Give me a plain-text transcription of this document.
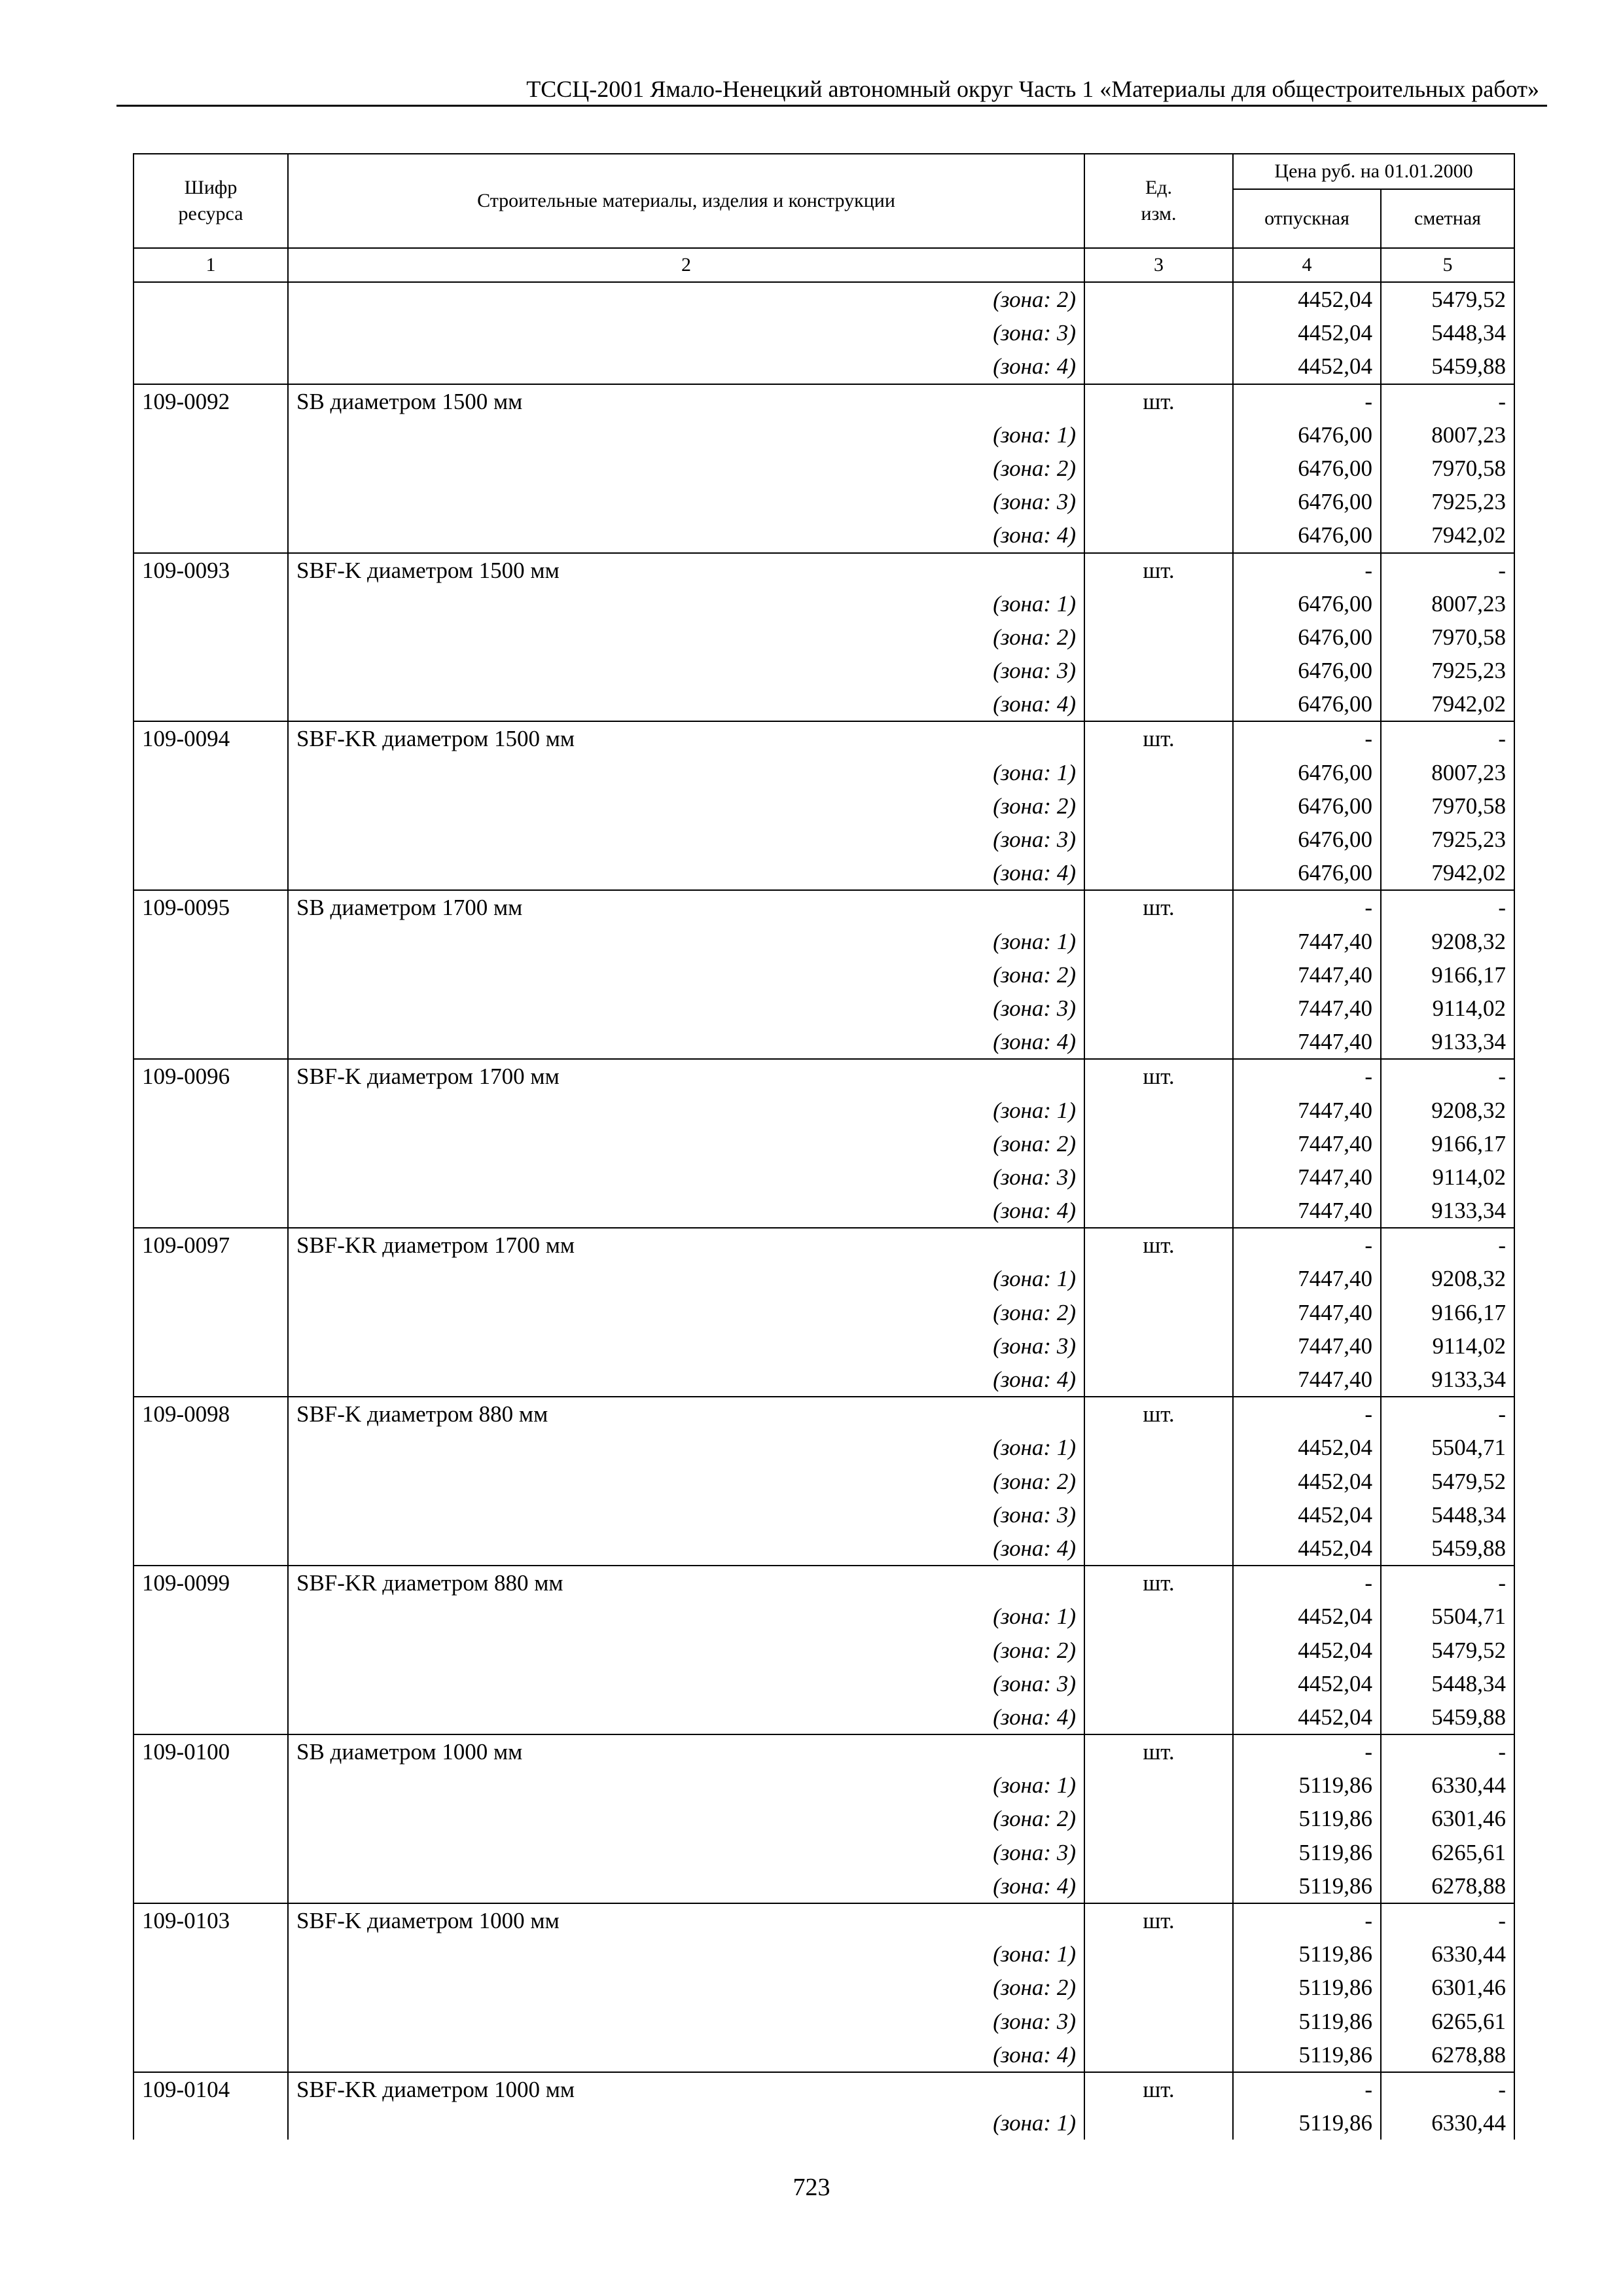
ТССЦ-2001 Ямало-Ненецкий автономный округ Часть 1 «Материалы для общестроительных работ»
Шифр ресурса	Строительные материалы, изделия и конструкции	Ед. изм.	Цена руб. на 01.01.2000	
			отпускная	сметная
1	2	3	4	5
	(зона: 2)		4452,04	5479,52
	(зона: 3)		4452,04	5448,34
	(зона: 4)		4452,04	5459,88
109-0092	SB диаметром 1500 мм	шт.	-	-
	(зона: 1)		6476,00	8007,23
	(зона: 2)		6476,00	7970,58
	(зона: 3)		6476,00	7925,23
	(зона: 4)		6476,00	7942,02
109-0093	SBF-K диаметром 1500 мм	шт.	-	-
	(зона: 1)		6476,00	8007,23
	(зона: 2)		6476,00	7970,58
	(зона: 3)		6476,00	7925,23
	(зона: 4)		6476,00	7942,02
109-0094	SBF-KR диаметром 1500 мм	шт.	-	-
	(зона: 1)		6476,00	8007,23
	(зона: 2)		6476,00	7970,58
	(зона: 3)		6476,00	7925,23
	(зона: 4)		6476,00	7942,02
109-0095	SB диаметром 1700 мм	шт.	-	-
	(зона: 1)		7447,40	9208,32
	(зона: 2)		7447,40	9166,17
	(зона: 3)		7447,40	9114,02
	(зона: 4)		7447,40	9133,34
109-0096	SBF-K диаметром 1700 мм	шт.	-	-
	(зона: 1)		7447,40	9208,32
	(зона: 2)		7447,40	9166,17
	(зона: 3)		7447,40	9114,02
	(зона: 4)		7447,40	9133,34
109-0097	SBF-KR диаметром 1700 мм	шт.	-	-
	(зона: 1)		7447,40	9208,32
	(зона: 2)		7447,40	9166,17
	(зона: 3)		7447,40	9114,02
	(зона: 4)		7447,40	9133,34
109-0098	SBF-K диаметром 880 мм	шт.	-	-
	(зона: 1)		4452,04	5504,71
	(зона: 2)		4452,04	5479,52
	(зона: 3)		4452,04	5448,34
	(зона: 4)		4452,04	5459,88
109-0099	SBF-KR диаметром 880 мм	шт.	-	-
	(зона: 1)		4452,04	5504,71
	(зона: 2)		4452,04	5479,52
	(зона: 3)		4452,04	5448,34
	(зона: 4)		4452,04	5459,88
109-0100	SB диаметром 1000 мм	шт.	-	-
	(зона: 1)		5119,86	6330,44
	(зона: 2)		5119,86	6301,46
	(зона: 3)		5119,86	6265,61
	(зона: 4)		5119,86	6278,88
109-0103	SBF-K диаметром 1000 мм	шт.	-	-
	(зона: 1)		5119,86	6330,44
	(зона: 2)		5119,86	6301,46
	(зона: 3)		5119,86	6265,61
	(зона: 4)		5119,86	6278,88
109-0104	SBF-KR диаметром 1000 мм	шт.	-	-
	(зона: 1)		5119,86	6330,44
723
